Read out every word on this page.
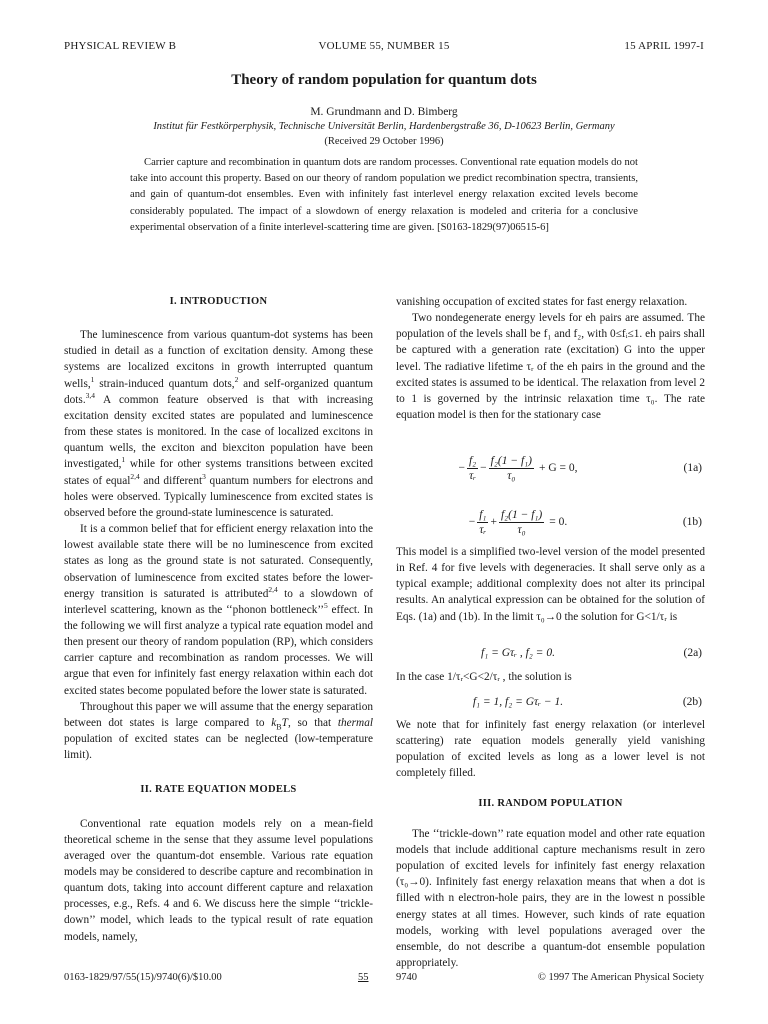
PHYSICAL REVIEW B	VOLUME 55, NUMBER 15	15 APRIL 1997-I
Theory of random population for quantum dots
M. Grundmann and D. Bimberg
Institut für Festkörperphysik, Technische Universität Berlin, Hardenbergstraße 36, D-10623 Berlin, Germany
(Received 29 October 1996)
Carrier capture and recombination in quantum dots are random processes. Conventional rate equation models do not take into account this property. Based on our theory of random population we predict recombination spectra, transients, and gain of quantum-dot ensembles. Even with infinitely fast interlevel energy relaxation excited levels become considerably populated. The impact of a slowdown of energy relaxation is modeled and criteria for a conclusive experimental observation of a finite interlevel-scattering time are given. [S0163-1829(97)06515-6]
I. INTRODUCTION

The luminescence from various quantum-dot systems has been studied in detail as a function of excitation density. Among these systems are localized excitons in growth interrupted quantum wells,$^1$ strain-induced quantum dots,$^2$ and self-organized quantum dots.$^{3,4}$ A common feature observed is that with increasing excitation density excited states are populated and luminescence from these states is monitored. In the case of localized excitons in quantum wells, the exciton and biexciton population have been investigated,$^1$ while for other systems transitions between excited states of equal$^{2,4}$ and different$^3$ quantum numbers for electrons and holes were observed. Typically luminescence from excited states is observed before the ground-state luminescence is saturated.

It is a common belief that for efficient energy relaxation into the lowest available state there will be no luminescence from excited states as long as the ground state is not saturated. Consequently, observation of luminescence from excited states before the lower-energy transition is saturated is attributed$^{2,4}$ to a slowdown of interlevel scattering, known as the ‘‘phonon bottleneck’’$^5$ effect. In the following we will first analyze a typical rate equation model and then present our theory of random population (RP), which considers carrier capture and recombination as random processes. We will argue that even for infinitely fast energy relaxation within each dot excited states become populated before the lower state is saturated.

Throughout this paper we will assume that the energy separation between dot states is large compared to $k_BT$, so that thermal population of excited states can be neglected (low-temperature limit).

II. RATE EQUATION MODELS

Conventional rate equation models rely on a mean-field theoretical scheme in the sense that they assume level populations averaged over the quantum-dot ensemble. Various rate equation models may be considered to describe capture and recombination in quantum dots, taking into account different capture and relaxation processes, e.g., Refs. 4 and 6. We discuss here the simple ‘‘trickle-down’’ model, which leads to the typical result of rate equation models, namely,

vanishing occupation of excited states for fast energy relaxation.

Two nondegenerate energy levels for eh pairs are assumed. The population of the levels shall be f₁ and f₂, with 0≤fᵢ≤1. eh pairs shall be captured with a generation rate (excitation) G into the upper level. The radiative lifetime τᵣ of the eh pairs in the ground and the excited states is assumed to be identical. The relaxation from level 2 to 1 is governed by the intrinsic relaxation time τ₀. The rate equation model is then for the stationary case

− $\frac{\text{f₂}}{\text{τᵣ}} - \frac{\text{f₂(1 − f₁)}}{\text{τ₀}} + G = 0$,	(1a)
− $\frac{\text{f₁}}{\text{τᵣ}} + \frac{\text{f₂(1 − f₁)}}{\text{τ₀}} = 0$.	(1b)

This model is a simplified two-level version of the model presented in Ref. 4 for five levels with degeneracies. It shall serve only as a typical example; additional complexity does not alter its principal results. An analytical expression can be obtained for the solution of Eqs. (1a) and (1b). In the limit τ₀→0 the solution for G<1/τᵣ is

f₁ = Gτᵣ , f₂ = 0.	(2a)

In the case 1/τᵣ<G<2/τᵣ , the solution is

f₁ = 1, f₂ = Gτᵣ − 1.	(2b)

We note that for infinitely fast energy relaxation (or interlevel scattering) rate equation models generally yield vanishing population of excited levels as long as a lower level is not completely filled.

III. RANDOM POPULATION

The ‘‘trickle-down’’ rate equation model and other rate equation models that include additional capture mechanisms result in zero population of excited levels for infinitely fast energy relaxation (τ₀→0). Infinitely fast energy relaxation means that when a dot is filled with n electron-hole pairs, they are in the lowest n possible energy states at all times. However, such kinds of rate equation models, working with level populations averaged over the ensemble, do not describe a quantum-dot ensemble population appropriately.

0163-1829/97/55(15)/9740(6)/$10.00	55	9740	© 1997 The American Physical Society
